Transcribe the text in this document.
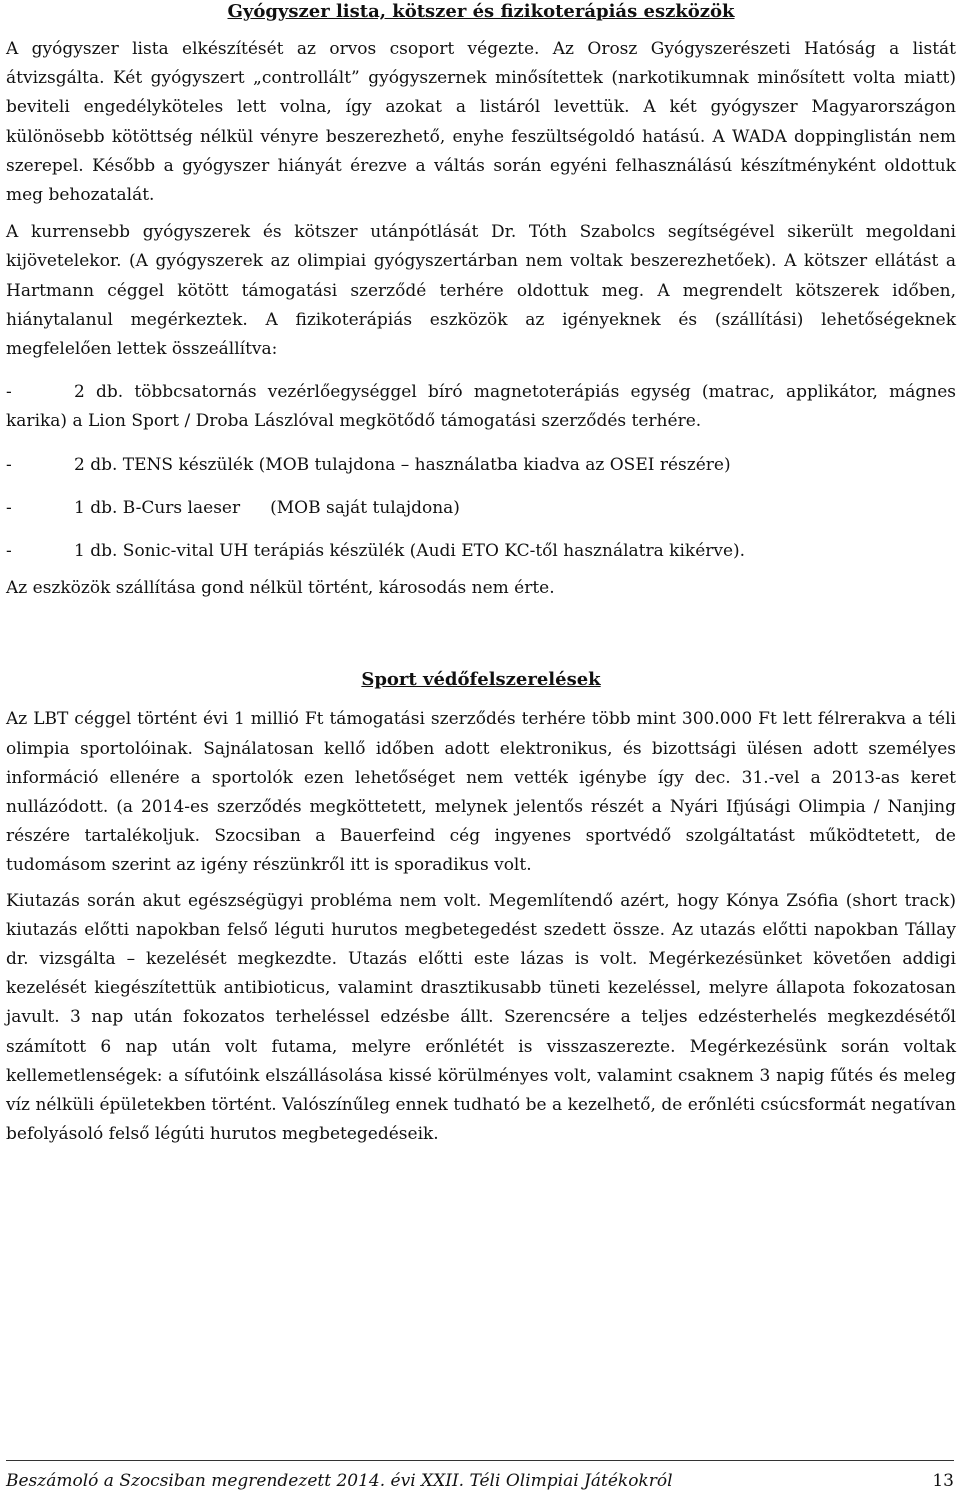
Gyógyszer lista, kötszer és fizikoterápiás eszközök

A gyógyszer lista elkészítését az orvos csoport végezte. Az Orosz Gyógyszerészeti Hatóság a listát átvizsgálta. Két gyógyszert „controllált” gyógyszernek minősítettek (narkotikumnak minősített volta miatt) beviteli engedélyköteles lett volna, így azokat a listáról levettük. A két gyógyszer Magyarországon különösebb kötöttség nélkül vényre beszerezhető, enyhe feszültségoldó hatású. A WADA doppinglistán nem szerepel. Később a gyógyszer hiányát érezve a váltás során egyéni felhasználású készítményként oldottuk meg behozatalát.

A kurrensebb gyógyszerek és kötszer utánpótlását Dr. Tóth Szabolcs segítségével sikerült megoldani kijövetelekor. (A gyógyszerek az olimpiai gyógyszertárban nem voltak beszerezhetőek). A kötszer ellátást a Hartmann céggel kötött támogatási szerződé terhére oldottuk meg. A megrendelt kötszerek időben, hiánytalanul megérkeztek. A fizikoterápiás eszközök az igényeknek és (szállítási) lehetőségeknek megfelelően lettek összeállítva:

-	2 db. többcsatornás vezérlőegységgel bíró magnetoterápiás egység (matrac, applikátor, mágnes karika) a Lion Sport / Droba Lászlóval megkötődő támogatási szerződés terhére.

-	2 db. TENS készülék (MOB tulajdona – használatba kiadva az OSEI részére)

-	1 db. B-Curs laeser (MOB saját tulajdona)

-	1 db. Sonic-vital UH terápiás készülék (Audi ETO KC-től használatra kikérve).

Az eszközök szállítása gond nélkül történt, károsodás nem érte.

Sport védőfelszerelések

Az LBT céggel történt évi 1 millió Ft támogatási szerződés terhére több mint 300.000 Ft lett félrerakva a téli olimpia sportolóinak. Sajnálatosan kellő időben adott elektronikus, és bizottsági ülésen adott személyes információ ellenére a sportolók ezen lehetőséget nem vették igénybe így dec. 31.-vel a 2013-as keret nullázódott. (a 2014-es szerződés megköttetett, melynek jelentős részét a Nyári Ifjúsági Olimpia / Nanjing részére tartalékoljuk. Szocsiban a Bauerfeind cég ingyenes sportvédő szolgáltatást működtetett, de tudomásom szerint az igény részünkről itt is sporadikus volt.

Kiutazás során akut egészségügyi probléma nem volt. Megemlítendő azért, hogy Kónya Zsófia (short track) kiutazás előtti napokban felső léguti hurutos megbetegedést szedett össze. Az utazás előtti napokban Tállay dr. vizsgálta – kezelését megkezdte. Utazás előtti este lázas is volt. Megérkezésünket követően addigi kezelését kiegészítettük antibioticus, valamint drasztikusabb tüneti kezeléssel, melyre állapota fokozatosan javult. 3 nap után fokozatos terheléssel edzésbe állt. Szerencsére a teljes edzésterhelés megkezdésétől számított 6 nap után volt futama, melyre erőnlétét is visszaszerezte. Megérkezésünk során voltak kellemetlenségek: a sífutóink elszállásolása kissé körülményes volt, valamint csaknem 3 napig fűtés és meleg víz nélküli épületekben történt. Valószínűleg ennek tudható be a kezelhető, de erőnléti csúcsformát negatívan befolyásoló felső légúti hurutos megbetegedéseik.

Beszámoló a Szocsiban megrendezett 2014. évi XXII. Téli Olimpiai Játékokról	13
